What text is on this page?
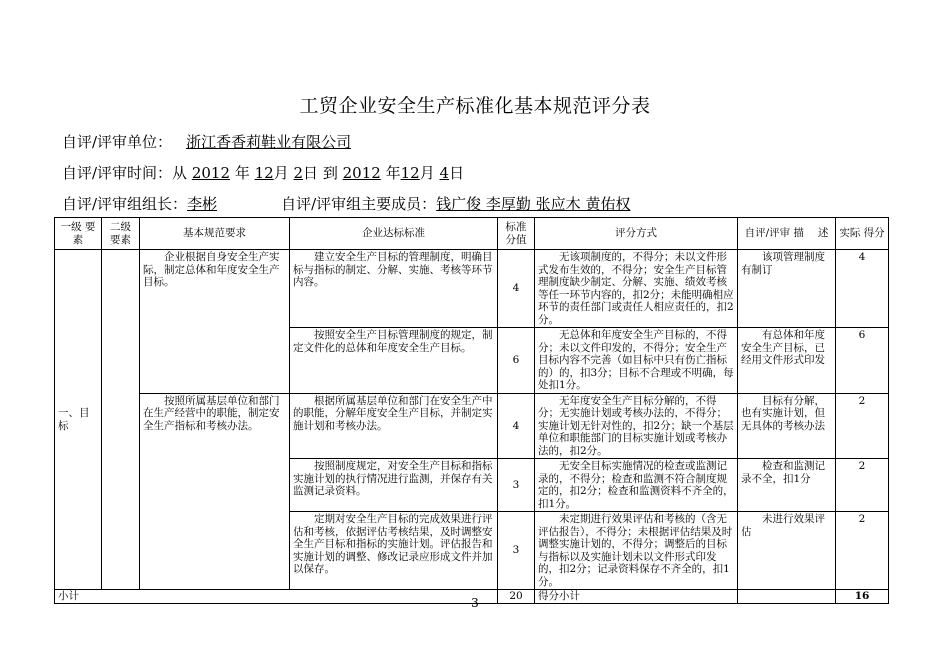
工贸企业安全生产标准化基本规范评分表
自评/评审单位： 浙江香香莉鞋业有限公司
自评/评审时间：从 2012 年 12月 2日 到 2012 年12月 4日
自评/评审组组长：李彬	自评/评审组主要成员：钱广俊 李厚勤 张应木 黄佑权
一级 要素	二级 要素	基本规范要求	企业达标标准	标准 分值	评分方式	自评/评审 描　 述	实际 得分
一、目标		企业根据自身安全生产实际，制定总体和年度安全生产目标。	建立安全生产目标的管理制度，明确目标与指标的制定、分解、实施、考核等环节内容。	4	无该项制度的，不得分；未以文件形式发布生效的，不得分；安全生产目标管理制度缺少制定、分解、实施、绩效考核等任一环节内容的，扣2分；未能明确相应环节的责任部门或责任人相应责任的，扣2分。	该项管理制度有制订	4
			按照安全生产目标管理制度的规定，制定文件化的总体和年度安全生产目标。	6	无总体和年度安全生产目标的，不得分；未以文件印发的，不得分；安全生产目标内容不完善（如目标中只有伤亡指标的）的，扣3分；目标不合理或不明确，每处扣1分。	有总体和年度安全生产目标，已经用文件形式印发	6
		按照所属基层单位和部门在生产经营中的职能，制定安全生产指标和考核办法。	根据所属基层单位和部门在安全生产中的职能，分解年度安全生产目标，并制定实施计划和考核办法。	4	无年度安全生产目标分解的，不得分；无实施计划或考核办法的，不得分；实施计划无针对性的，扣2分；缺一个基层单位和职能部门的目标实施计划或考核办法的，扣2分。	目标有分解，也有实施计划，但无具体的考核办法	2
			按照制度规定，对安全生产目标和指标实施计划的执行情况进行监测，并保存有关监测记录资料。	3	无安全目标实施情况的检查或监测记录的，不得分；检查和监测不符合制度规定的，扣2分；检查和监测资料不齐全的，扣1分。	检查和监测记录不全，扣1分	2
			定期对安全生产目标的完成效果进行评估和考核，依据评估考核结果，及时调整安全生产目标和指标的实施计划。评估报告和实施计划的调整、修改记录应形成文件并加以保存。	3	未定期进行效果评估和考核的（含无评估报告），不得分；未根据评估结果及时调整实施计划的，不得分；调整后的目标与指标以及实施计划未以文件形式印发的，扣2分；记录资料保存不齐全的，扣1分。	未进行效果评估	2
小计				20	得分小计		16
— 3 —
